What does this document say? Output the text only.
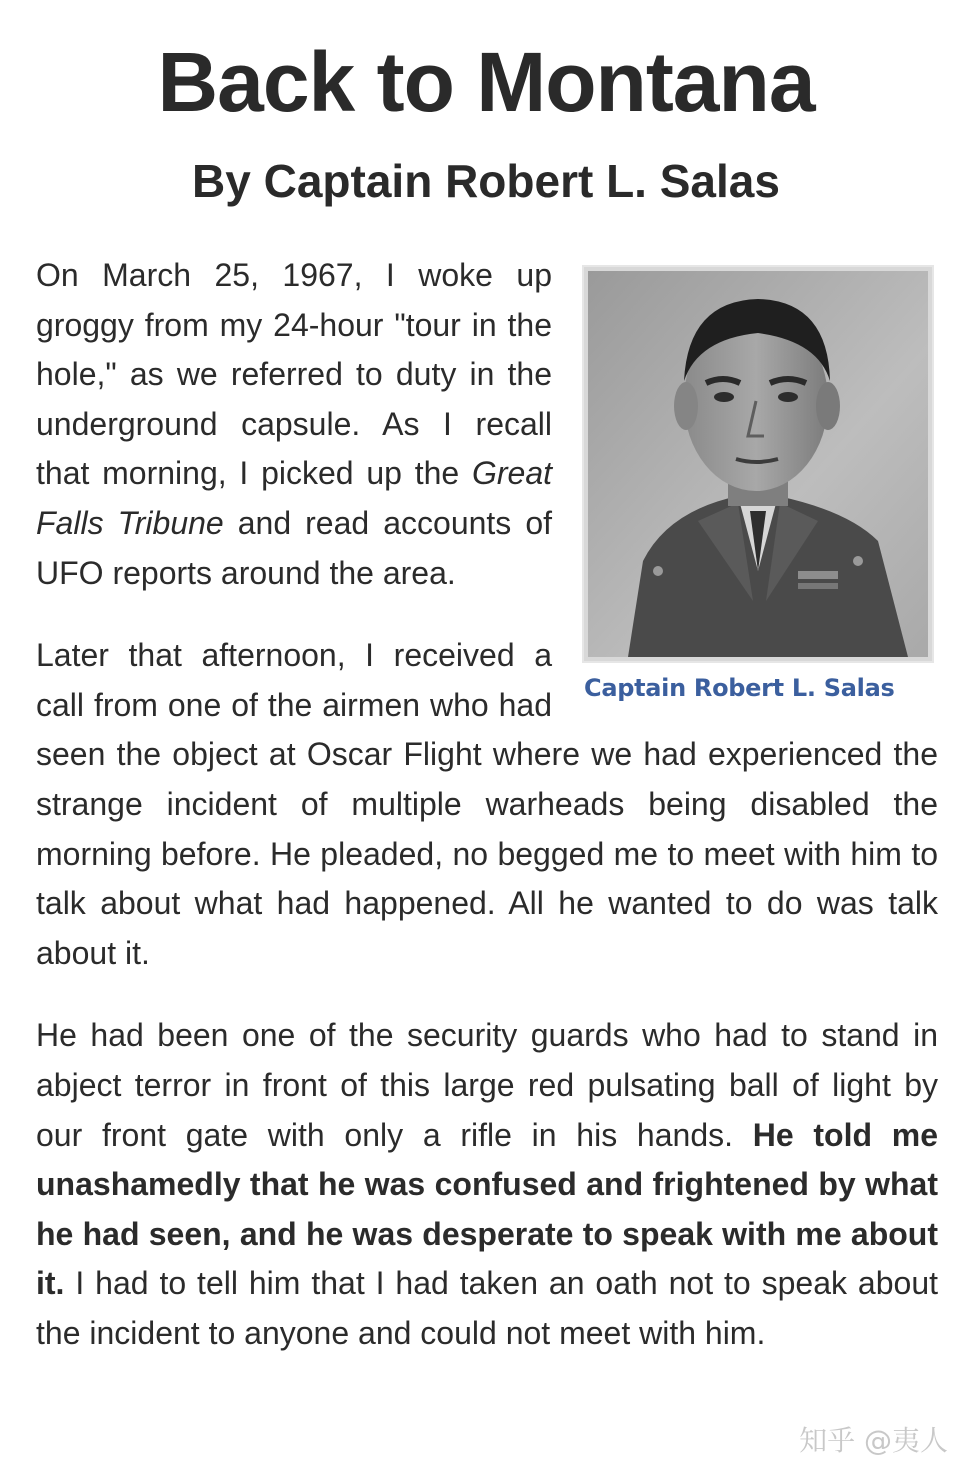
Back to Montana
By Captain Robert L. Salas
Captain Robert L. Salas

On March 25, 1967, I woke up groggy from my 24-hour "tour in the hole," as we referred to duty in the underground capsule. As I recall that morning, I picked up the Great Falls Tribune and read accounts of UFO reports around the area.

Later that afternoon, I received a call from one of the airmen who had seen the object at Oscar Flight where we had experienced the strange incident of multiple warheads being disabled the morning before. He pleaded, no begged me to meet with him to talk about what had happened. All he wanted to do was talk about it.

He had been one of the security guards who had to stand in abject terror in front of this large red pulsating ball of light by our front gate with only a rifle in his hands. He told me unashamedly that he was confused and frightened by what he had seen, and he was desperate to speak with me about it. I had to tell him that I had taken an oath not to speak about the incident to anyone and could not meet with him.

知乎 @夷人
